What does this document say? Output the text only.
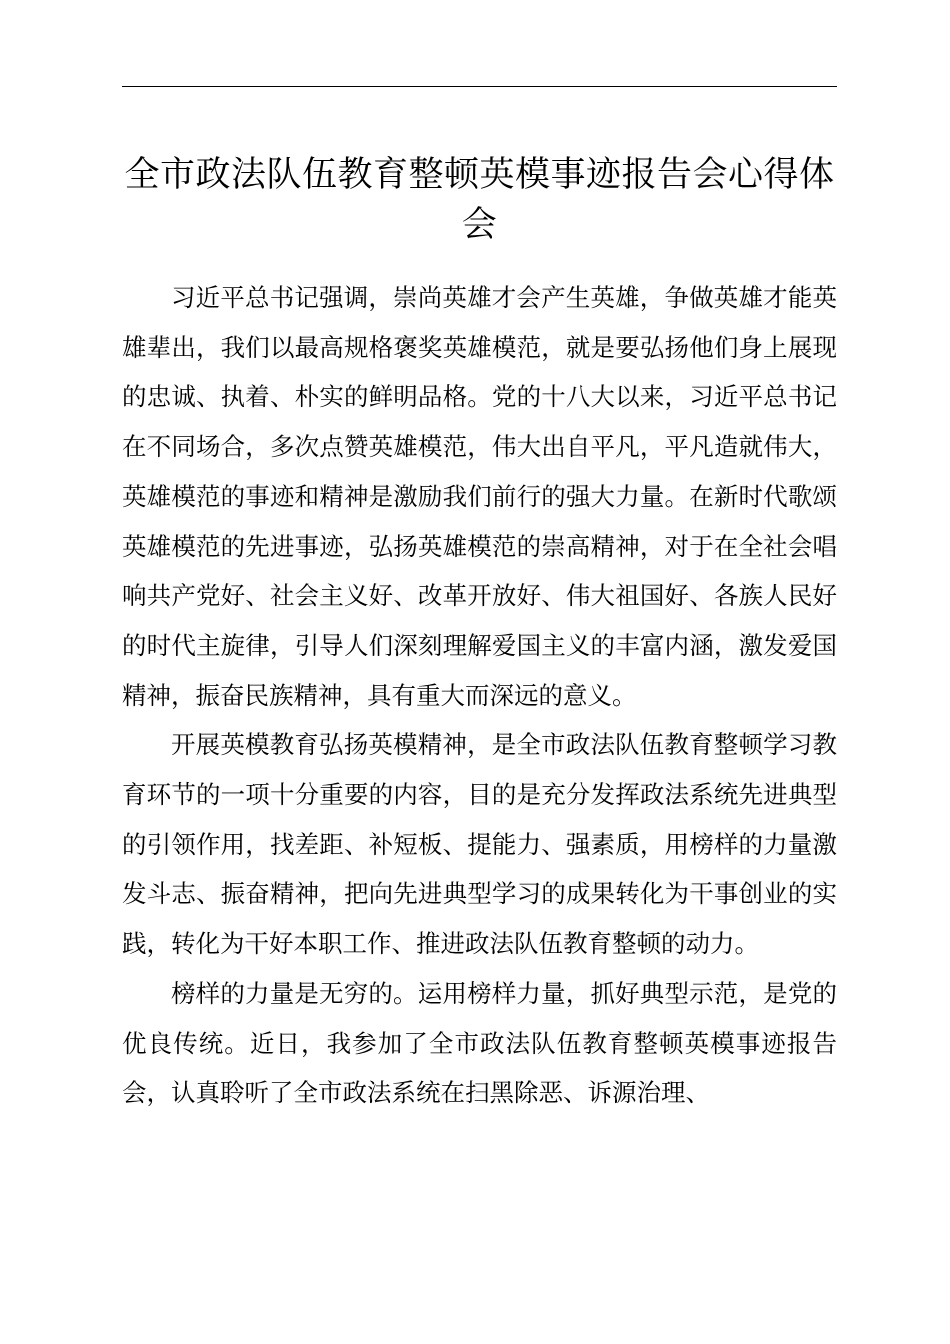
全市政法队伍教育整顿英模事迹报告会心得体会

习近平总书记强调，崇尚英雄才会产生英雄，争做英雄才能英雄辈出，我们以最高规格褒奖英雄模范，就是要弘扬他们身上展现的忠诚、执着、朴实的鲜明品格。党的十八大以来，习近平总书记在不同场合，多次点赞英雄模范，伟大出自平凡，平凡造就伟大，英雄模范的事迹和精神是激励我们前行的强大力量。在新时代歌颂英雄模范的先进事迹，弘扬英雄模范的崇高精神，对于在全社会唱响共产党好、社会主义好、改革开放好、伟大祖国好、各族人民好的时代主旋律，引导人们深刻理解爱国主义的丰富内涵，激发爱国精神，振奋民族精神，具有重大而深远的意义。

开展英模教育弘扬英模精神，是全市政法队伍教育整顿学习教育环节的一项十分重要的内容，目的是充分发挥政法系统先进典型的引领作用，找差距、补短板、提能力、强素质，用榜样的力量激发斗志、振奋精神，把向先进典型学习的成果转化为干事创业的实践，转化为干好本职工作、推进政法队伍教育整顿的动力。

榜样的力量是无穷的。运用榜样力量，抓好典型示范，是党的优良传统。近日，我参加了全市政法队伍教育整顿英模事迹报告会，认真聆听了全市政法系统在扫黑除恶、诉源治理、
